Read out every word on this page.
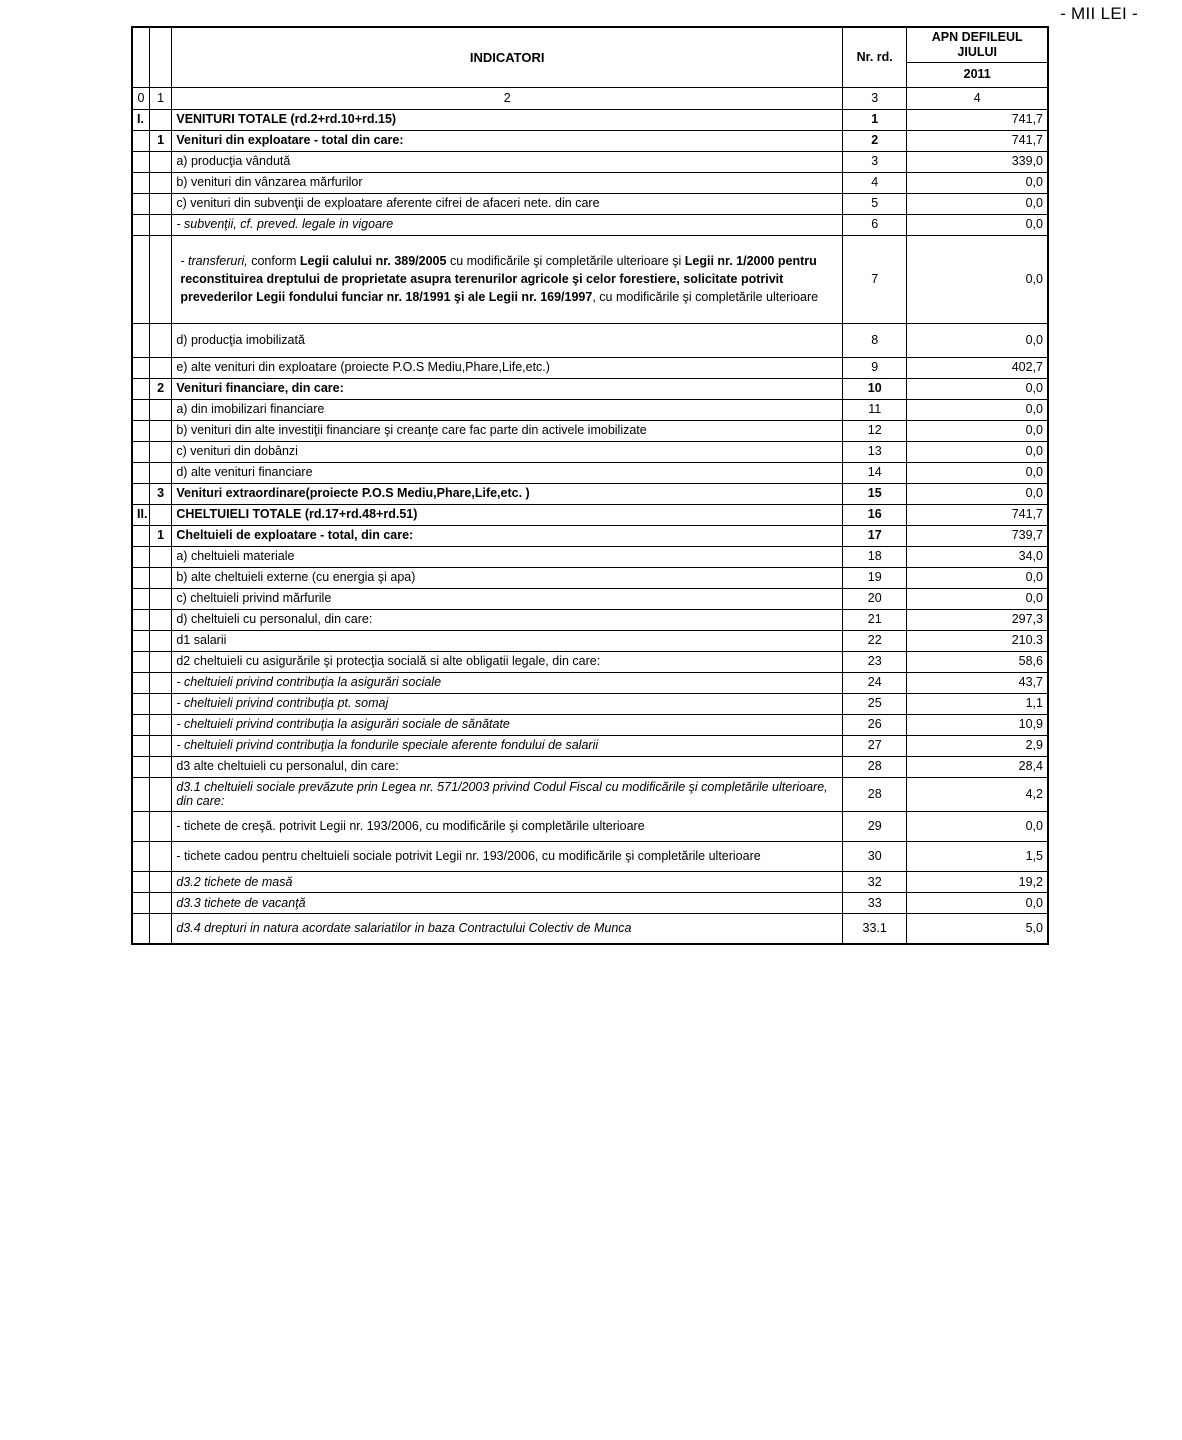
- MII LEI -
		INDICATORI	Nr. rd.	APN DEFILEUL JIULUI
				2011
0	1	2	3	4
I.		VENITURI TOTALE (rd.2+rd.10+rd.15)	1	741,7
	1	Venituri din exploatare - total din care:	2	741,7
		a) producţia vândută	3	339,0
		b) venituri din vânzarea mărfurilor	4	0,0
		c) venituri din subvenţii de exploatare aferente cifrei de afaceri nete. din care	5	0,0
		- subvenţii, cf. preved. legale in vigoare	6	0,0
		- transferuri, conform Legii calului nr. 389/2005 cu modificările şi completările ulterioare şi Legii nr. 1/2000 pentru reconstituirea dreptului de proprietate asupra terenurilor agricole şi celor forestiere, solicitate potrivit prevederilor Legii fondului funciar nr. 18/1991 şi ale Legii nr. 169/1997, cu modificările şi completările ulterioare	7	0,0
		d) producţia imobilizată	8	0,0
		e) alte venituri din exploatare (proiecte P.O.S Mediu,Phare,Life,etc.)	9	402,7
	2	Venituri financiare, din care:	10	0,0
		a) din imobilizari financiare	11	0,0
		b) venituri din alte investiţii financiare şi creanţe care fac parte din activele imobilizate	12	0,0
		c) venituri din dobânzi	13	0,0
		d) alte venituri financiare	14	0,0
	3	Venituri extraordinare(proiecte P.O.S Mediu,Phare,Life,etc. )	15	0,0
II.		CHELTUIELI TOTALE (rd.17+rd.48+rd.51)	16	741,7
	1	Cheltuieli de exploatare - total, din care:	17	739,7
		a) cheltuieli materiale	18	34,0
		b) alte cheltuieli externe (cu energia şi apa)	19	0,0
		c) cheltuieli privind mărfurile	20	0,0
		d) cheltuieli cu personalul, din care:	21	297,3
		d1 salarii	22	210.3
		d2 cheltuieli cu asigurările şi protecţia socială si alte obligatii legale, din care:	23	58,6
		- cheltuieli privind contribuţia la asigurări sociale	24	43,7
		- cheltuieli privind contribuţia pt. somaj	25	1,1
		- cheltuieli privind contribuţia la asigurări sociale de sănătate	26	10,9
		- cheltuieli privind contribuţia la fondurile speciale aferente fondului de salarii	27	2,9
		d3 alte cheltuieli cu personalul, din care:	28	28,4
		d3.1 cheltuieli sociale prevăzute prin Legea nr. 571/2003 privind Codul Fiscal cu modificările şi completările ulterioare, din care:	28	4,2
		- tichete de creşă. potrivit Legii nr. 193/2006, cu modificările şi completările ulterioare	29	0,0
		- tichete cadou pentru cheltuieli sociale potrivit Legii nr. 193/2006, cu modificările şi completările ulterioare	30	1,5
		d3.2 tichete de masă	32	19,2
		d3.3 tichete de vacanţă	33	0,0
		d3.4 drepturi in natura acordate salariatilor in baza Contractului Colectiv de Munca	33.1	5,0
